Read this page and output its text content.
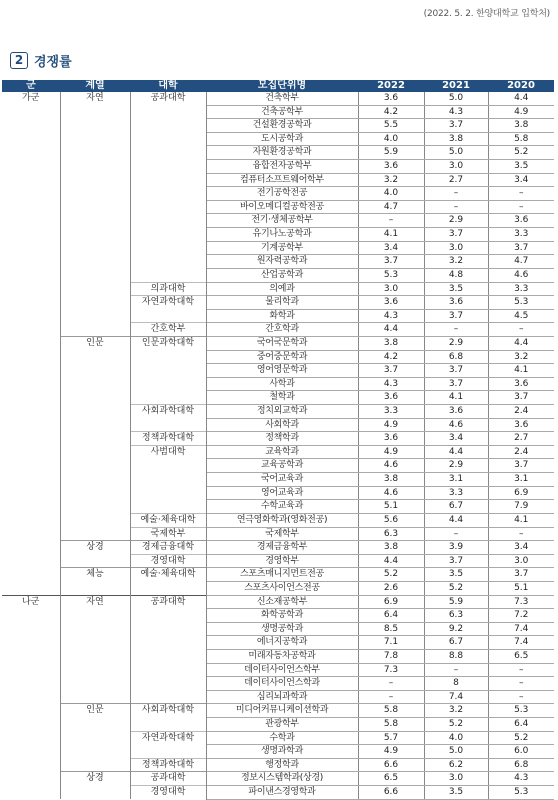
(2022. 5. 2. 한양대학교 입학처)
2 경쟁률
군	계열	대학	모집단위명	2022	2021	2020
가군	자연	공과대학	건축학부	3.6	5.0	4.4
			건축공학부	4.2	4.3	4.9
			건설환경공학과	5.5	3.7	3.8
			도시공학과	4.0	3.8	5.8
			자원환경공학과	5.9	5.0	5.2
			융합전자공학부	3.6	3.0	3.5
			컴퓨터소프트웨어학부	3.2	2.7	3.4
			전기공학전공	4.0	–	–
			바이오메디컬공학전공	4.7	–	–
			전기·생체공학부	–	2.9	3.6
			유기나노공학과	4.1	3.7	3.3
			기계공학부	3.4	3.0	3.7
			원자력공학과	3.7	3.2	4.7
			산업공학과	5.3	4.8	4.6
		의과대학	의예과	3.0	3.5	3.3
		자연과학대학	물리학과	3.6	3.6	5.3
			화학과	4.3	3.7	4.5
		간호학부	간호학과	4.4	–	–
	인문	인문과학대학	국어국문학과	3.8	2.9	4.4
			중어중문학과	4.2	6.8	3.2
			영어영문학과	3.7	3.7	4.1
			사학과	4.3	3.7	3.6
			철학과	3.6	4.1	3.7
		사회과학대학	정치외교학과	3.3	3.6	2.4
			사회학과	4.9	4.6	3.6
		정책과학대학	정책학과	3.6	3.4	2.7
		사범대학	교육학과	4.9	4.4	2.4
			교육공학과	4.6	2.9	3.7
			국어교육과	3.8	3.1	3.1
			영어교육과	4.6	3.3	6.9
			수학교육과	5.1	6.7	7.9
		예술·체육대학	연극영화학과(영화전공)	5.6	4.4	4.1
		국제학부	국제학부	6.3	–	–
	상경	경제금융대학	경제금융학부	3.8	3.9	3.4
		경영대학	경영학부	4.4	3.7	3.0
	체능	예술·체육대학	스포츠매니지먼트전공	5.2	3.5	3.7
			스포츠사이언스전공	2.6	5.2	5.1
나군	자연	공과대학	신소재공학부	6.9	5.9	7.3
			화학공학과	6.4	6.3	7.2
			생명공학과	8.5	9.2	7.4
			에너지공학과	7.1	6.7	7.4
			미래자동차공학과	7.8	8.8	6.5
			데이터사이언스학부	7.3	–	–
			데이터사이언스학과	–	8	–
			심리뇌과학과	–	7.4	–
	인문	사회과학대학	미디어커뮤니케이션학과	5.8	3.2	5.3
			관광학부	5.8	5.2	6.4
		자연과학대학	수학과	5.7	4.0	5.2
			생명과학과	4.9	5.0	6.0
		정책과학대학	행정학과	6.6	6.2	6.8
	상경	공과대학	정보시스템학과(상경)	6.5	3.0	4.3
		경영대학	파이낸스경영학과	6.6	3.5	5.3
